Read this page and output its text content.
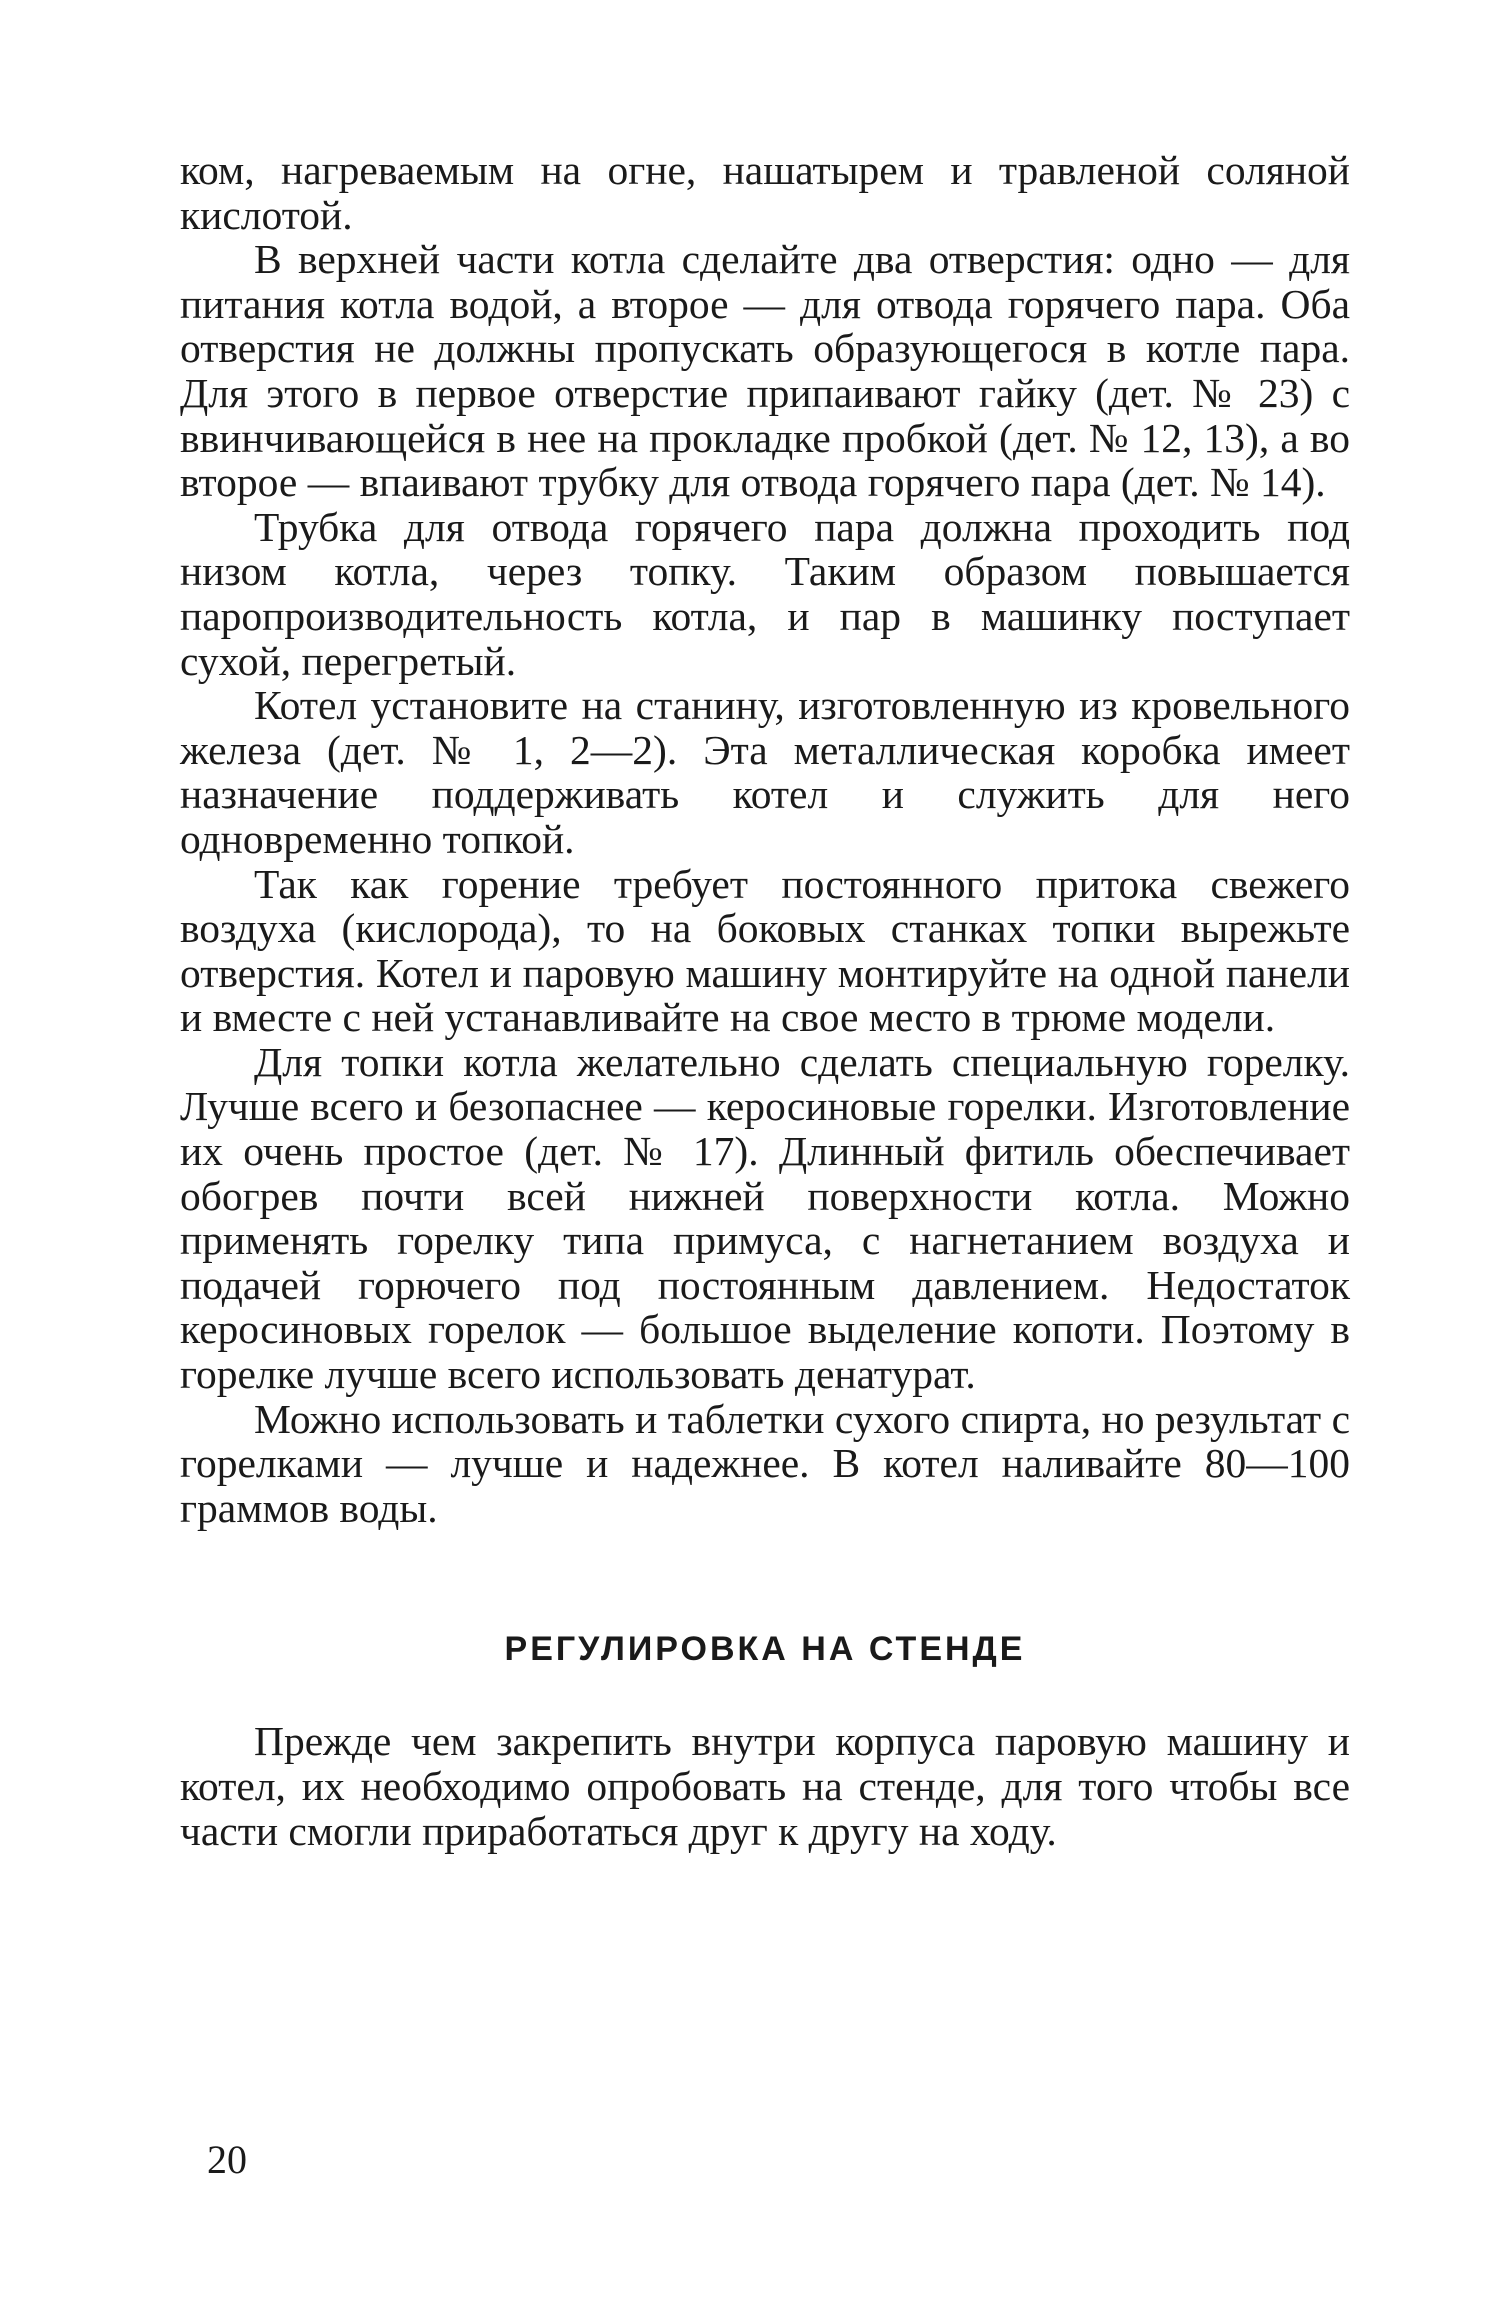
ком, нагреваемым на огне, нашатырем и травленой соляной кислотой.

В верхней части котла сделайте два отверстия: одно — для питания котла водой, а второе — для отвода горячего пара. Оба отверстия не должны пропускать образующегося в котле пара. Для этого в первое отверстие припаивают гайку (дет. № 23) с ввинчивающейся в нее на прокладке пробкой (дет. № 12, 13), а во второе — впаивают трубку для отвода горячего пара (дет. № 14).

Трубка для отвода горячего пара должна проходить под низом котла, через топку. Таким образом повышается паропроизводительность котла, и пар в машинку поступает сухой, перегретый.

Котел установите на станину, изготовленную из кровельного железа (дет. № 1, 2—2). Эта металлическая коробка имеет назначение поддерживать котел и служить для него одновременно топкой.

Так как горение требует постоянного притока свежего воздуха (кислорода), то на боковых станках топки вырежьте отверстия. Котел и паровую машину монтируйте на одной панели и вместе с ней устанавливайте на свое место в трюме модели.

Для топки котла желательно сделать специальную горелку. Лучше всего и безопаснее — керосиновые горелки. Изготовление их очень простое (дет. № 17). Длинный фитиль обеспечивает обогрев почти всей нижней поверхности котла. Можно применять горелку типа примуса, с нагнетанием воздуха и подачей горючего под постоянным давлением. Недостаток керосиновых горелок — большое выделение копоти. Поэтому в горелке лучше всего использовать денатурат.

Можно использовать и таблетки сухого спирта, но результат с горелками — лучше и надежнее. В котел наливайте 80—100 граммов воды.

РЕГУЛИРОВКА НА СТЕНДЕ

Прежде чем закрепить внутри корпуса паровую машину и котел, их необходимо опробовать на стенде, для того чтобы все части смогли приработаться друг к другу на ходу.

20
